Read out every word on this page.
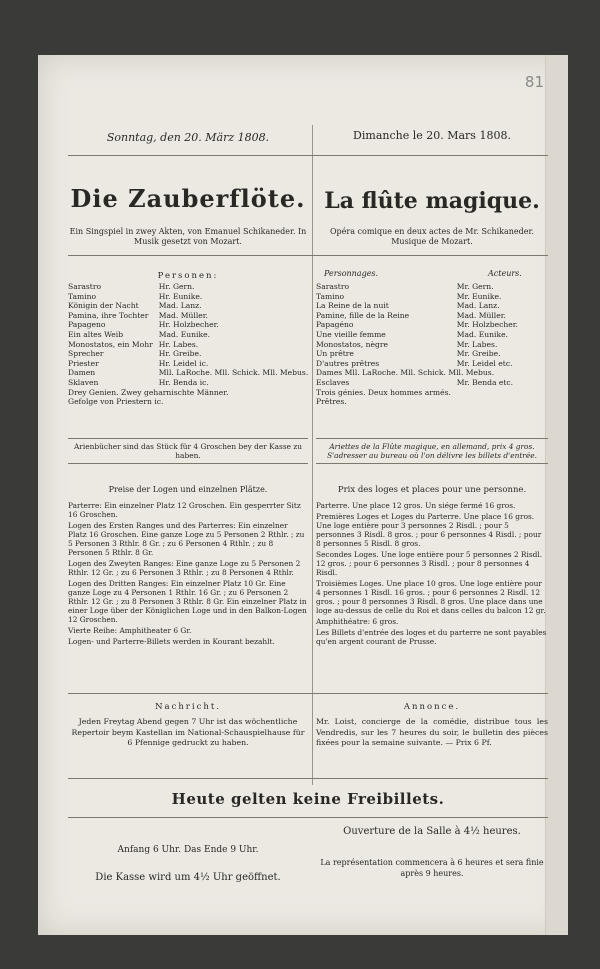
81
Sonntag, den 20. März 1808.	Dimanche le 20. Mars 1808.
Die Zauberflöte. La flûte magique.
Ein Singspiel in zwey Akten, von Emanuel Schikaneder. In Musik gesetzt von Mozart.
Opéra comique en deux actes de Mr. Schikaneder. Musique de Mozart.
Personen:	Personnages.	Acteurs.
Sarastro	Hr. Gern.
Tamino	Hr. Eunike.
Königin der Nacht	Mad. Lanz.
Pamina, ihre Tochter	Mad. Müller.
Papageno	Hr. Holzbecher.
Ein altes Weib	Mad. Eunike.
Monostatos, ein Mohr	Hr. Labes.
Sprecher	Hr. Greibe.
Priester	Hr. Leidel ic.
Damen	Mll. LaRoche. Mll. Schick. Mll. Mebus.
Sklaven	Hr. Benda ic.
Drey Genien. Zwey geharnischte Männer.	
Gefolge von Priestern ic.	
Sarastro	Mr. Gern.
Tamino	Mr. Eunike.
La Reine de la nuit	Mad. Lanz.
Pamine, fille de la Reine	Mad. Müller.
Papagéno	Mr. Holzbecher.
Une vieille femme	Mad. Eunike.
Monostatos, nègre	Mr. Labes.
Un prêtre	Mr. Greibe.
D'autres prêtres	Mr. Leidel etc.
Dames Mll. LaRoche. Mll. Schick. Mll. Mebus.	
Esclaves	Mr. Benda etc.
Trois génies. Deux hommes armés.	
Prêtres.	
Arienbücher sind das Stück für 4 Groschen bey der Kasse zu haben.
Ariettes de la Flûte magique, en allemand, prix 4 gros. S'adresser au bureau où l'on délivre les billets d'entrée.
Preise der Logen und einzelnen Plätze.	Prix des loges et places pour une personne.
Parterre: Ein einzelner Platz 12 Groschen. Ein gesperrter Sitz 16 Groschen.
Logen des Ersten Ranges und des Parterres: Ein einzelner Platz 16 Groschen. Eine ganze Loge zu 5 Personen 2 Rthlr. ; zu 5 Personen 3 Rthlr. 8 Gr. ; zu 6 Personen 4 Rthlr. ; zu 8 Personen 5 Rthlr. 8 Gr.
Logen des Zweyten Ranges: Eine ganze Loge zu 5 Personen 2 Rthlr. 12 Gr. ; zu 6 Personen 3 Rthlr. ; zu 8 Personen 4 Rthlr.
Logen des Dritten Ranges: Ein einzelner Platz 10 Gr. Eine ganze Loge zu 4 Personen 1 Rthlr. 16 Gr. ; zu 6 Personen 2 Rthlr. 12 Gr. ; zu 8 Personen 3 Rthlr. 8 Gr. Ein einzelner Platz in einer Loge über der Königlichen Loge und in den Balkon-Logen 12 Groschen.
Vierte Reihe: Amphitheater 6 Gr.
Logen- und Parterre-Billets werden in Kourant bezahlt.
Parterre. Une place 12 gros. Un siége fermé 16 gros.
Premières Loges et Loges du Parterre. Une place 16 gros. Une loge entière pour 3 personnes 2 Risdl. ; pour 5 personnes 3 Risdl. 8 gros. ; pour 6 personnes 4 Risdl. ; pour 8 personnes 5 Risdl. 8 gros.
Secondes Loges. Une loge entière pour 5 personnes 2 Risdl. 12 gros. ; pour 6 personnes 3 Risdl. ; pour 8 personnes 4 Risdl.
Troisièmes Loges. Une place 10 gros. Une loge entière pour 4 personnes 1 Risdl. 16 gros. ; pour 6 personnes 2 Risdl. 12 gros. ; pour 8 personnes 3 Risdl. 8 gros. Une place dans une loge au-dessus de celle du Roi et dans celles du balcon 12 gr.
Amphithéatre: 6 gros.
Les Billets d'entrée des loges et du parterre ne sont payables qu'en argent courant de Prusse.
Nachricht.	Annonce.
Jeden Freytag Abend gegen 7 Uhr ist das wöchentliche Repertoir beym Kastellan im National-Schauspielhause für 6 Pfennige gedruckt zu haben.
Mr. Loist, concierge de la comédie, distribue tous les Vendredis, sur les 7 heures du soir, le bulletin des pièces fixées pour la semaine suivante. — Prix 6 Pf.
Heute gelten keine Freibillets.
Anfang 6 Uhr. Das Ende 9 Uhr.
Ouverture de la Salle à 4½ heures.
Die Kasse wird um 4½ Uhr geöffnet.
La représentation commencera à 6 heures et sera finie après 9 heures.
